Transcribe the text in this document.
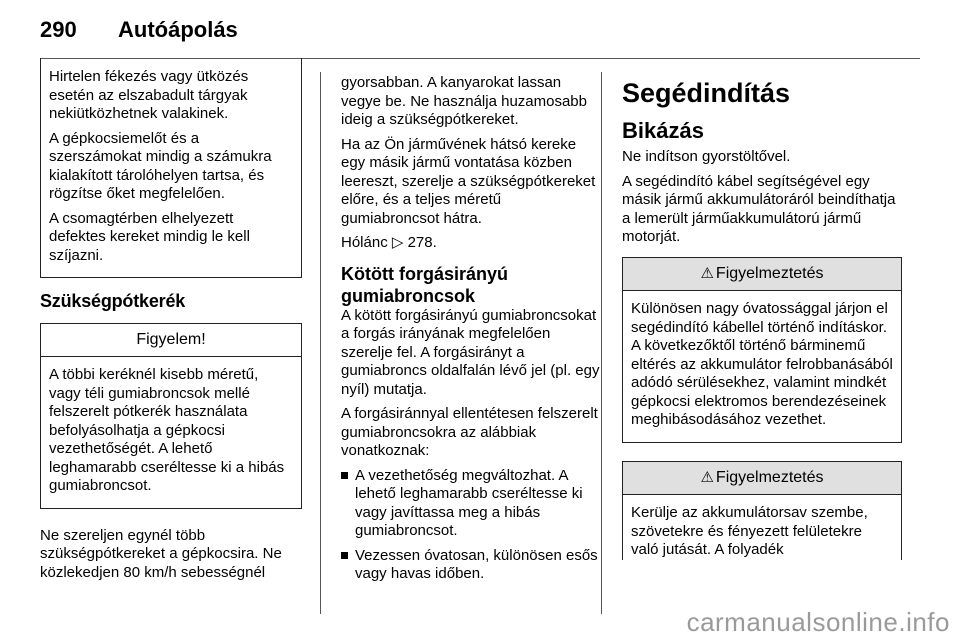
290	Autóápolás

Hirtelen fékezés vagy ütközés esetén az elszabadult tárgyak nekiütközhetnek valakinek.

A gépkocsiemelőt és a szerszámokat mindig a számukra kialakított tárolóhelyen tartsa, és rögzítse őket megfelelően.

A csomagtérben elhelyezett defektes kereket mindig le kell szíjazni.

Szükségpótkerék
Figyelem!

A többi keréknél kisebb méretű, vagy téli gumiabroncsok mellé felszerelt pótkerék használata befolyásolhatja a gépkocsi vezethetőségét. A lehető leghamarabb cseréltesse ki a hibás gumiabroncsot.

Ne szereljen egynél több szükségpótkereket a gépkocsira. Ne közlekedjen 80 km/h sebességnél

gyorsabban. A kanyarokat lassan vegye be. Ne használja huzamosabb ideig a szükségpótkereket.

Ha az Ön járművének hátsó kereke egy másik jármű vontatása közben leereszt, szerelje a szükségpótkereket előre, és a teljes méretű gumiabroncsot hátra.

Hólánc ▷ 278.

Kötött forgásirányú
gumiabroncsok

A kötött forgásirányú gumiabroncsokat a forgás irányának megfelelően szerelje fel. A forgásirányt a gumiabroncs oldalfalán lévő jel (pl. egy nyíl) mutatja.

A forgásiránnyal ellentétesen felszerelt gumiabroncsokra az alábbiak vonatkoznak:

A vezethetőség megváltozhat. A lehető leghamarabb cseréltesse ki vagy javíttassa meg a hibás gumiabroncsot.
Vezessen óvatosan, különösen esős vagy havas időben.
Segédindítás
Bikázás

Ne indítson gyorstöltővel.

A segédindító kábel segítségével egy másik jármű akkumulátoráról beindíthatja a lemerült járműakkumulátorú jármű motorját.

⚠ Figyelmeztetés

Különösen nagy óvatossággal járjon el segédindító kábellel történő indításkor. A következőktől történő bárminemű eltérés az akkumulátor felrobbanásából adódó sérülésekhez, valamint mindkét gépkocsi elektromos berendezéseinek meghibásodásához vezethet.

⚠ Figyelmeztetés

Kerülje az akkumulátorsav szembe, szövetekre és fényezett felületekre való jutását. A folyadék

carmanualsonline.info
